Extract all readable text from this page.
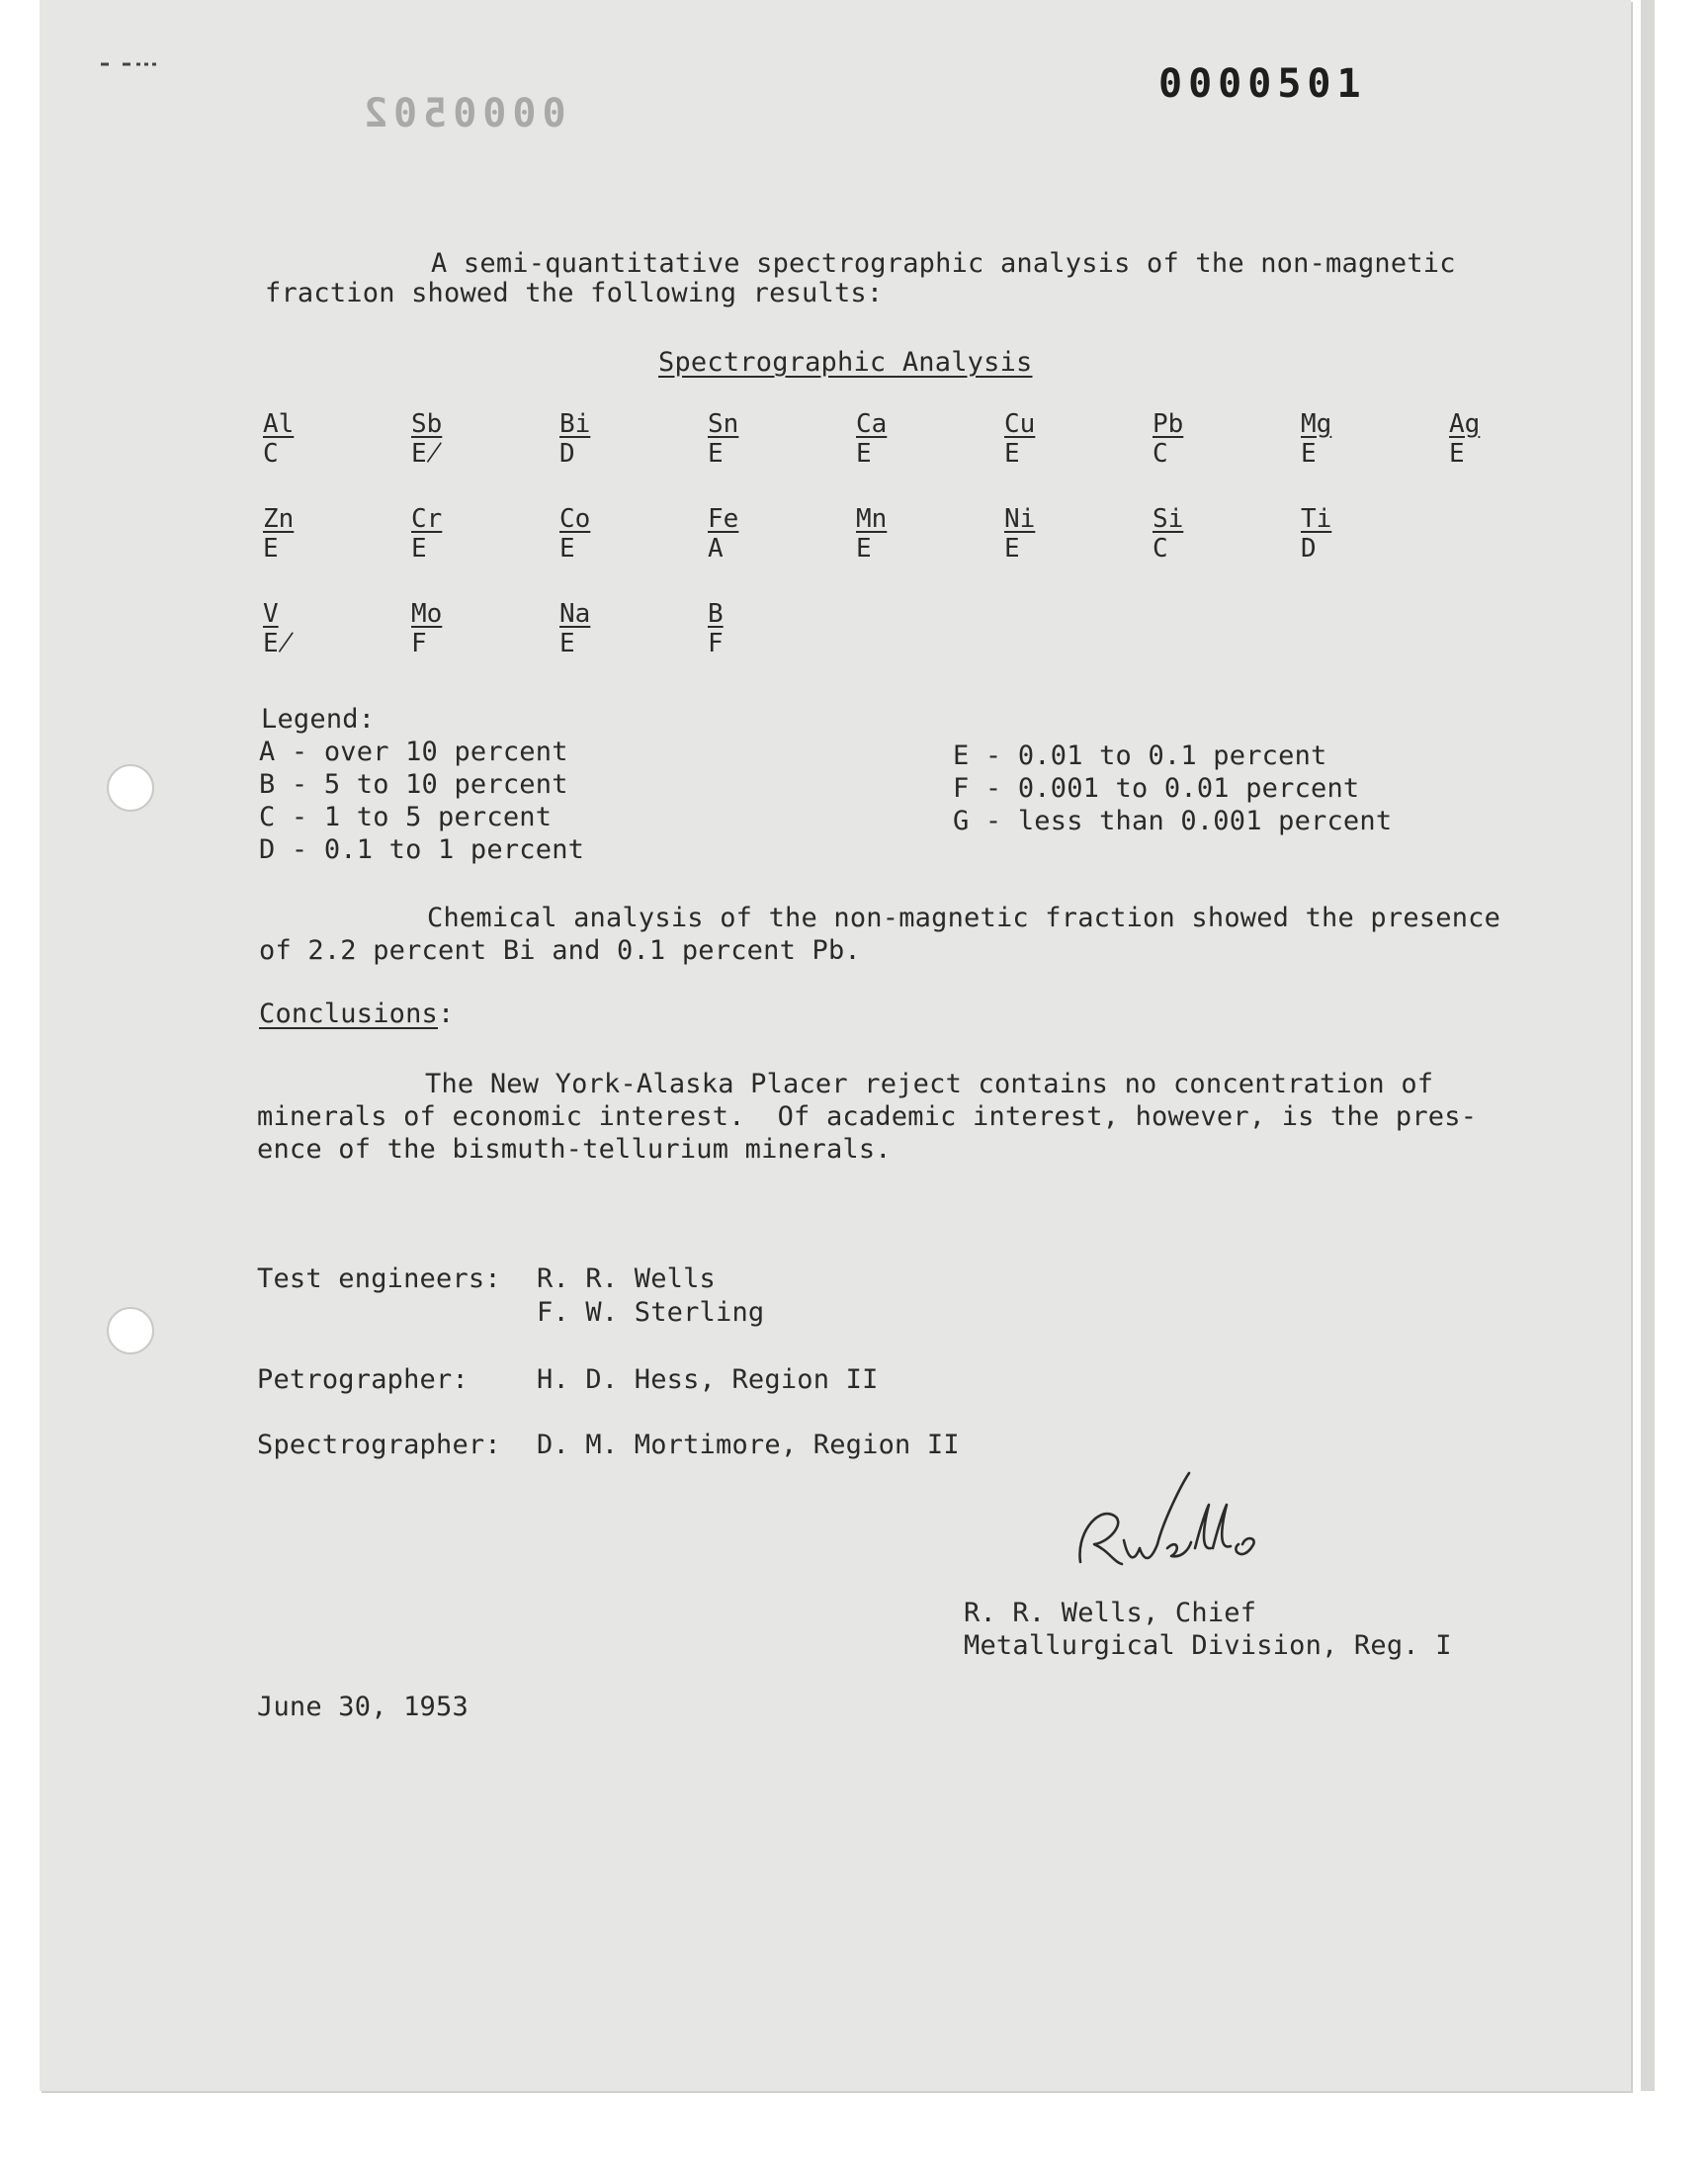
0000501
0000502
A semi-quantitative spectrographic analysis of the non-magnetic
fraction showed the following results:
Spectrographic Analysis
Al
C
Sb
E̸
Bi
D
Sn
E
Ca
E
Cu
E
Pb
C
Mg
E
Ag
E
Zn
E
Cr
E
Co
E
Fe
A
Mn
E
Ni
E
Si
C
Ti
D
V
E̸
Mo
F
Na
E
B
F
Legend:
A - over 10 percent
B - 5 to 10 percent
C - 1 to 5 percent
D - 0.1 to 1 percent
E - 0.01 to 0.1 percent
F - 0.001 to 0.01 percent
G - less than 0.001 percent
Chemical analysis of the non-magnetic fraction showed the presence
of 2.2 percent Bi and 0.1 percent Pb.
Conclusions:
The New York-Alaska Placer reject contains no concentration of
minerals of economic interest.  Of academic interest, however, is the pres-
ence of the bismuth-tellurium minerals.
Test engineers: R. R. Wells
F. W. Sterling
Petrographer:	H. D. Hess, Region II
Spectrographer: D. M. Mortimore, Region II
R. R. Wells, Chief
Metallurgical Division, Reg. I
June 30, 1953
